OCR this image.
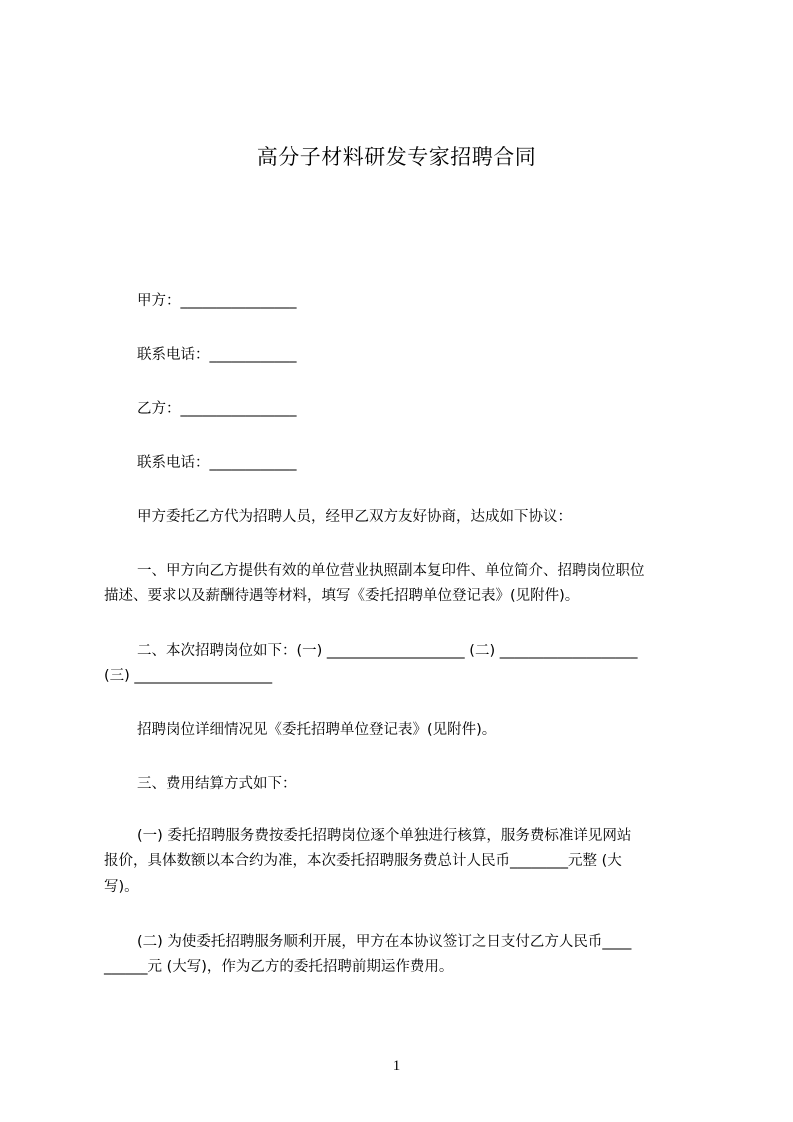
高分子材料研发专家招聘合同
甲方：________________
联系电话：____________
乙方：________________
联系电话：____________
甲方委托乙方代为招聘人员，经甲乙双方友好协商，达成如下协议：
一、甲方向乙方提供有效的单位营业执照副本复印件、单位简介、招聘岗位职位
描述、要求以及薪酬待遇等材料，填写《委托招聘单位登记表》(见附件)。
二、本次招聘岗位如下：(一) ___________________ (二) ___________________
(三) ___________________
招聘岗位详细情况见《委托招聘单位登记表》(见附件)。
三、费用结算方式如下：
(一) 委托招聘服务费按委托招聘岗位逐个单独进行核算，服务费标准详见网站
报价，具体数额以本合约为准，本次委托招聘服务费总计人民币________元整 (大
写)。
(二) 为使委托招聘服务顺利开展，甲方在本协议签订之日支付乙方人民币____
______元 (大写)，作为乙方的委托招聘前期运作费用。
1
